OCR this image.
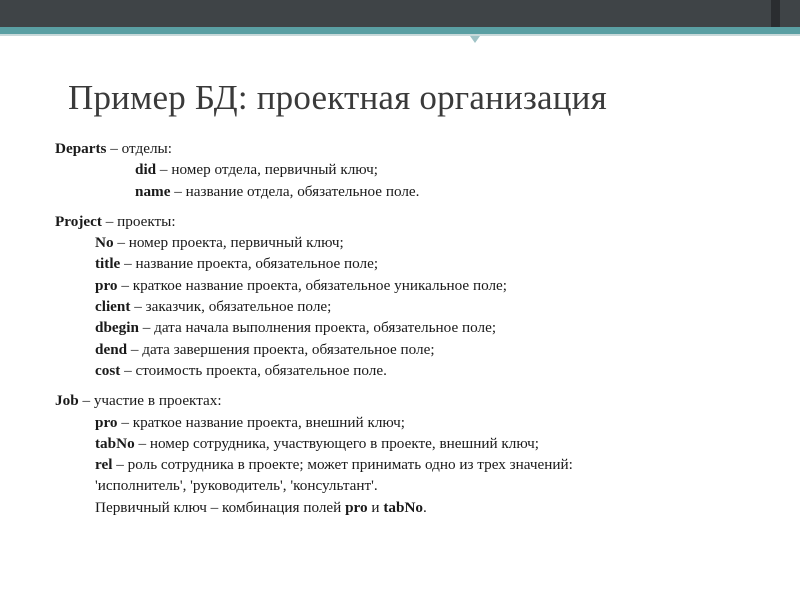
Пример БД: проектная организация
Departs – отделы:
did – номер отдела, первичный ключ;
name – название отдела, обязательное поле.
Project – проекты:
No – номер проекта, первичный ключ;
title – название проекта, обязательное поле;
pro – краткое название проекта, обязательное уникальное поле;
client – заказчик, обязательное поле;
dbegin – дата начала выполнения проекта, обязательное поле;
dend – дата завершения проекта, обязательное поле;
cost – стоимость проекта, обязательное поле.
Job – участие в проектах:
pro – краткое название проекта, внешний ключ;
tabNo – номер сотрудника, участвующего в проекте, внешний ключ;
rel – роль сотрудника в проекте; может принимать одно из трех значений:
'исполнитель', 'руководитель', 'консультант'.
Первичный ключ – комбинация полей pro и tabNo.
